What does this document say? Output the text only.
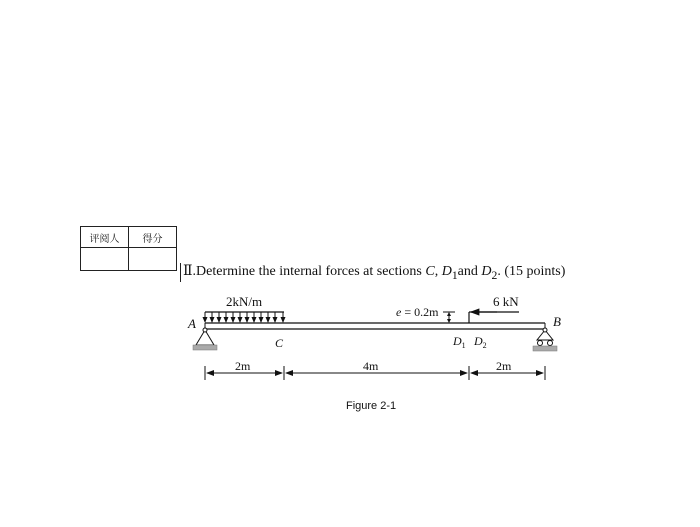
评阅人	得分

Ⅱ.Determine the internal forces at sections C, $D_1and$ $D_2$. (15 points)
2kN/m
A	B
6 kN
e = 0.2m
C	$D_1$ $D_2$
2m	4m	2m
Figure 2-1
